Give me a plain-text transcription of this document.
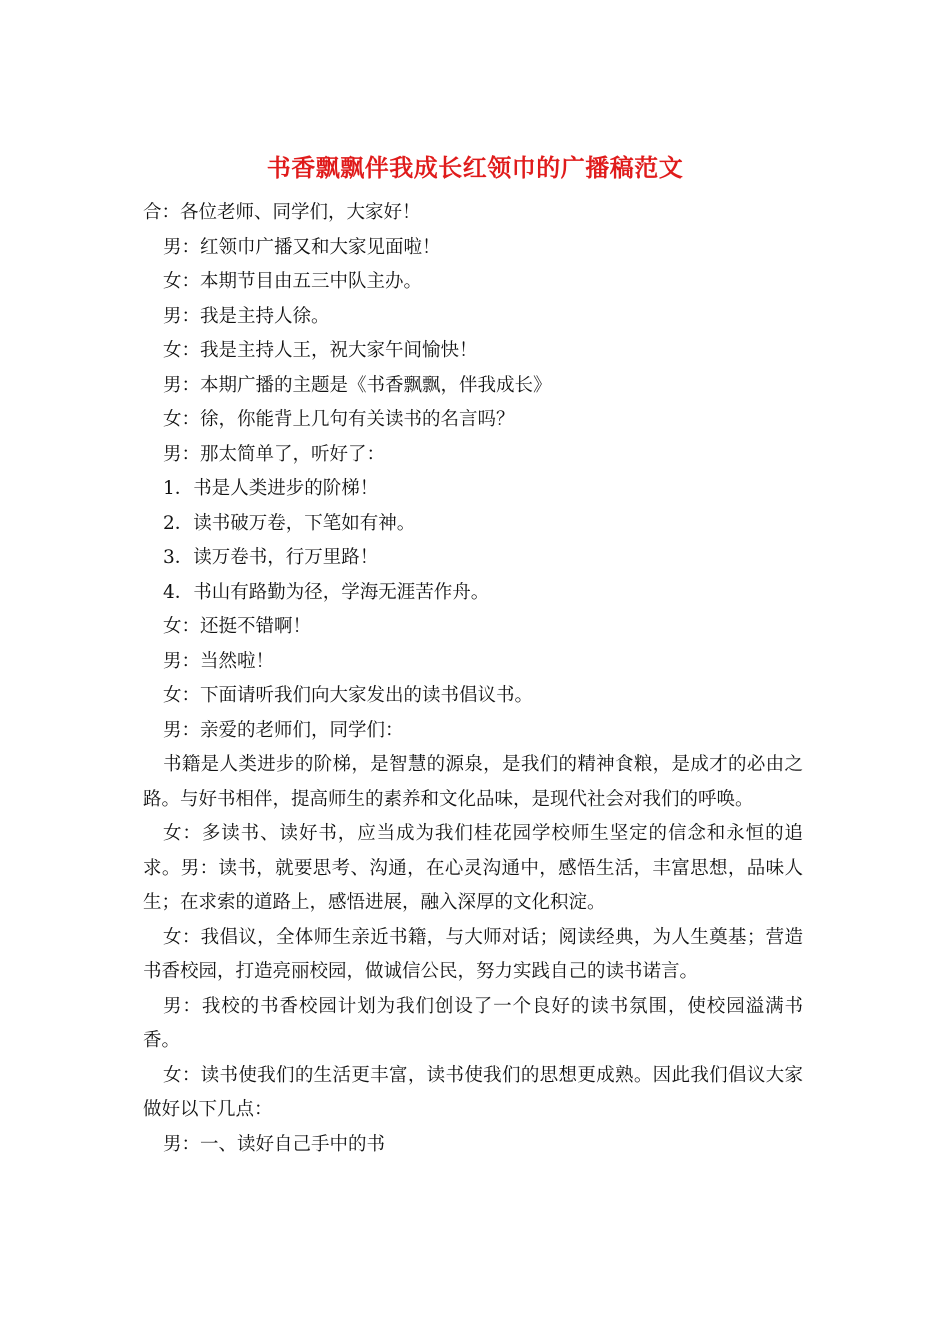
书香飘飘伴我成长红领巾的广播稿范文

合：各位老师、同学们，大家好！

男：红领巾广播又和大家见面啦！

女：本期节目由五三中队主办。

男：我是主持人徐。

女：我是主持人王，祝大家午间愉快！

男：本期广播的主题是《书香飘飘，伴我成长》

女：徐，你能背上几句有关读书的名言吗？

男：那太简单了，听好了：

1．书是人类进步的阶梯！

2．读书破万卷，下笔如有神。

3．读万卷书，行万里路！

4．书山有路勤为径，学海无涯苦作舟。

女：还挺不错啊！

男：当然啦！

女：下面请听我们向大家发出的读书倡议书。

男：亲爱的老师们，同学们：

书籍是人类进步的阶梯，是智慧的源泉，是我们的精神食粮，是成才的必由之路。与好书相伴，提高师生的素养和文化品味，是现代社会对我们的呼唤。

女：多读书、读好书，应当成为我们桂花园学校师生坚定的信念和永恒的追求。男：读书，就要思考、沟通，在心灵沟通中，感悟生活，丰富思想，品味人生；在求索的道路上，感悟进展，融入深厚的文化积淀。

女：我倡议，全体师生亲近书籍，与大师对话；阅读经典，为人生奠基；营造书香校园，打造亮丽校园，做诚信公民，努力实践自己的读书诺言。

男：我校的书香校园计划为我们创设了一个良好的读书氛围，使校园溢满书香。

女：读书使我们的生活更丰富，读书使我们的思想更成熟。因此我们倡议大家做好以下几点：

男：一、读好自己手中的书
